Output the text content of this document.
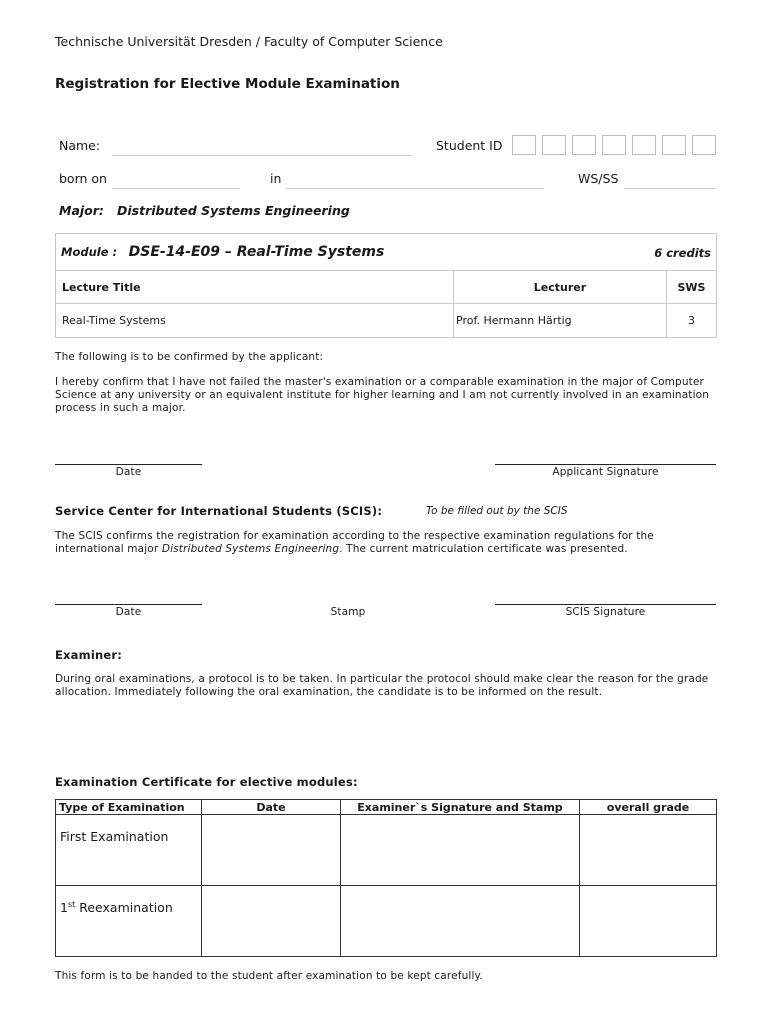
Technische Universität Dresden / Faculty of Computer Science
Registration for Elective Module Examination
Name:	Student ID
born on	in	WS/SS
Major: Distributed Systems Engineering
Module : DSE-14-E09 – Real-Time Systems 6 credits		

Lecture Title	Lecturer	SWS
Real-Time Systems	Prof. Hermann Härtig	3
The following is to be confirmed by the applicant:
I hereby confirm that I have not failed the master's examination or a comparable examination in the major of Computer Science at any university or an equivalent institute for higher learning and I am not currently involved in an examination process in such a major.
Date	Applicant Signature
Service Center for International Students (SCIS):	To be filled out by the SCIS
The SCIS confirms the registration for examination according to the respective examination regulations for the international major Distributed Systems Engineering. The current matriculation certificate was presented.
Date	Stamp	SCIS Signature
Examiner:
During oral examinations, a protocol is to be taken. In particular the protocol should make clear the reason for the grade allocation. Immediately following the oral examination, the candidate is to be informed on the result.
Examination Certificate for elective modules:
Type of Examination	Date	Examiner`s Signature and Stamp	overall grade
First Examination			
1st Reexamination			
This form is to be handed to the student after examination to be kept carefully.
